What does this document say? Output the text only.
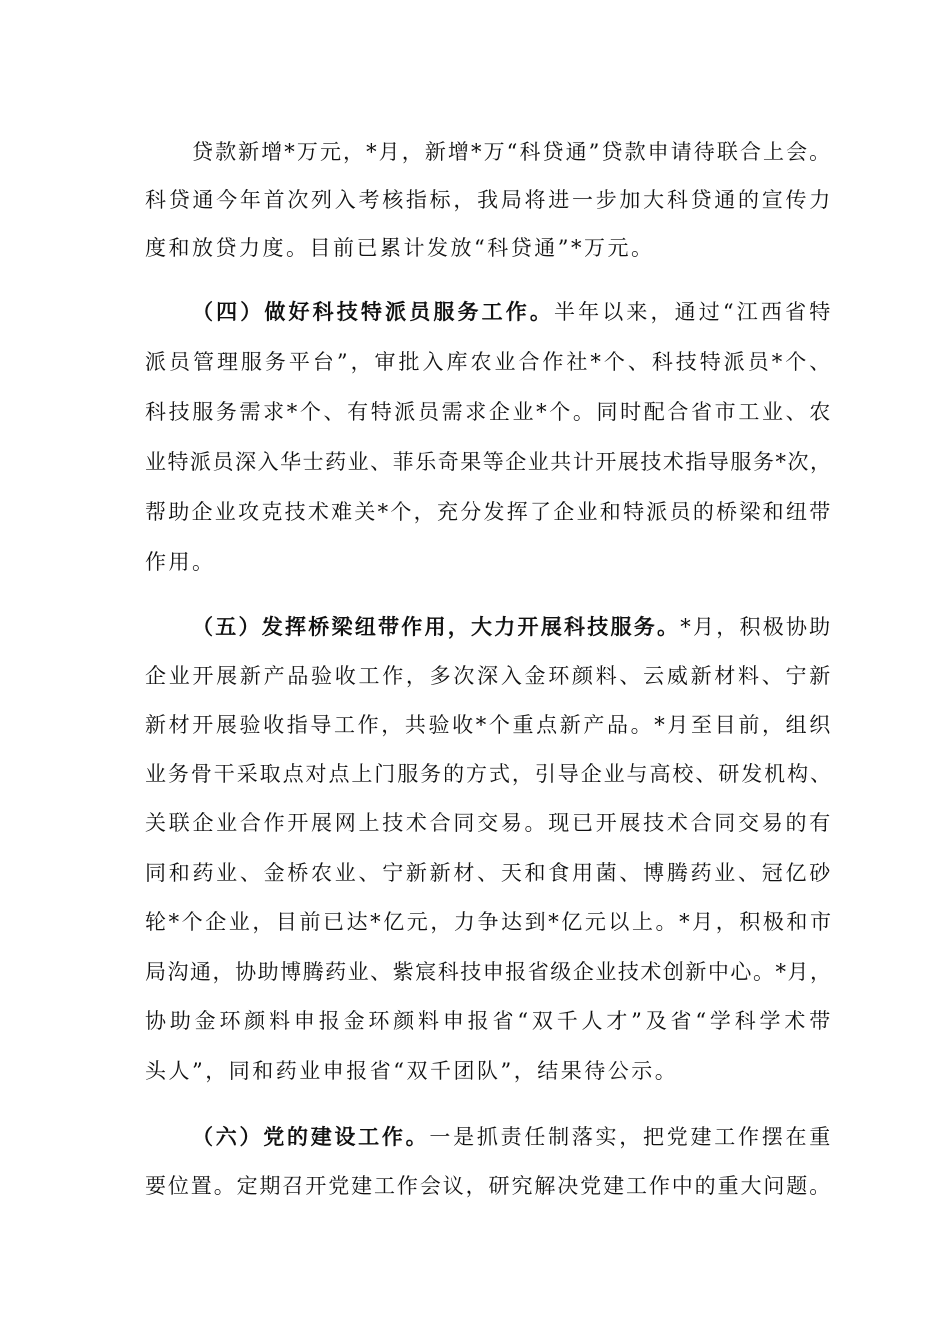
贷款新增*万元，*月，新增*万“科贷通”贷款申请待联合上会。
科贷通今年首次列入考核指标，我局将进一步加大科贷通的宣传力
度和放贷力度。目前已累计发放“科贷通”*万元。
（四）做好科技特派员服务工作。半年以来，通过“江西省特
派员管理服务平台”，审批入库农业合作社*个、科技特派员*个、
科技服务需求*个、有特派员需求企业*个。同时配合省市工业、农
业特派员深入华士药业、菲乐奇果等企业共计开展技术指导服务*次，
帮助企业攻克技术难关*个，充分发挥了企业和特派员的桥梁和纽带
作用。
（五）发挥桥梁纽带作用，大力开展科技服务。*月，积极协助
企业开展新产品验收工作，多次深入金环颜料、云威新材料、宁新
新材开展验收指导工作，共验收*个重点新产品。*月至目前，组织
业务骨干采取点对点上门服务的方式，引导企业与高校、研发机构、
关联企业合作开展网上技术合同交易。现已开展技术合同交易的有
同和药业、金桥农业、宁新新材、天和食用菌、博腾药业、冠亿砂
轮*个企业，目前已达*亿元，力争达到*亿元以上。*月，积极和市
局沟通，协助博腾药业、紫宸科技申报省级企业技术创新中心。*月，
协助金环颜料申报金环颜料申报省“双千人才”及省“学科学术带
头人”，同和药业申报省“双千团队”，结果待公示。
（六）党的建设工作。一是抓责任制落实，把党建工作摆在重
要位置。定期召开党建工作会议，研究解决党建工作中的重大问题。
